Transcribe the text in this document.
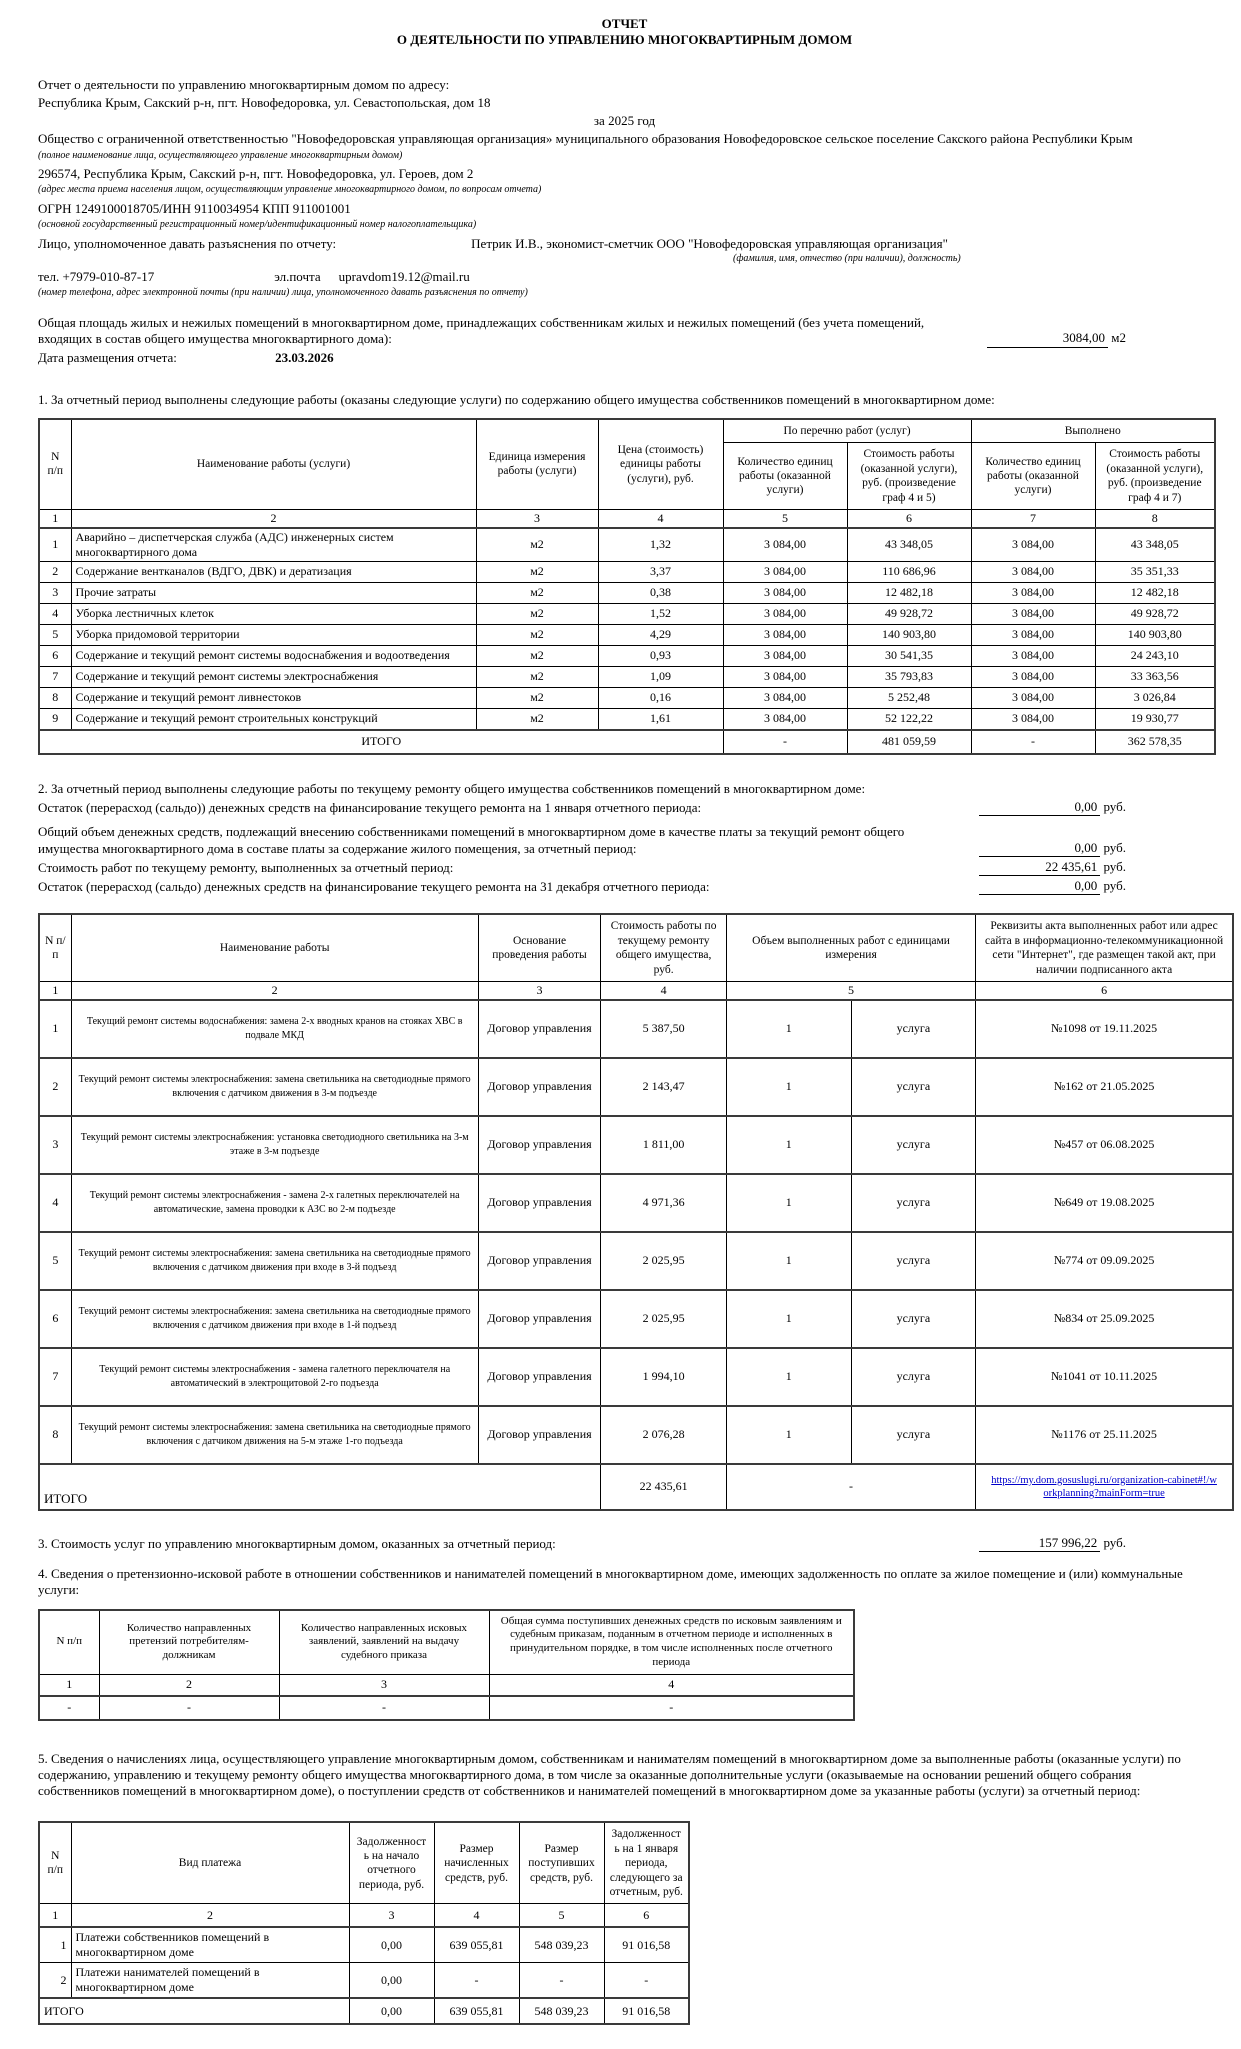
ОТЧЕТ
О ДЕЯТЕЛЬНОСТИ ПО УПРАВЛЕНИЮ МНОГОКВАРТИРНЫМ ДОМОМ
Отчет о деятельности по управлению многоквартирным домом по адресу:
Республика Крым, Сакский р-н, пгт. Новофедоровка, ул. Севастопольская, дом 18
за 2025 год
Общество с ограниченной ответственностью "Новофедоровская управляющая организация» муниципального образования Новофедоровское сельское поселение Сакского района Республики Крым
(полное наименование лица, осуществляющего управление многоквартирным домом)
296574, Республика Крым, Сакский р-н, пгт. Новофедоровка, ул. Героев, дом 2
(адрес места приема населения лицом, осуществляющим управление многоквартирного домом, по вопросам отчета)
ОГРН 1249100018705/ИНН 9110034954 КПП 911001001
(основной государственный регистрационный номер/идентификационный номер налогоплательщика)
Лицо, уполномоченное давать разъяснения по отчету:	Петрик И.В., экономист-сметчик ООО "Новофедоровская управляющая организация"
(фамилия, имя, отчество (при наличии), должность)
тел. +7979-010-87-17	эл.почта upravdom19.12@mail.ru
(номер телефона, адрес электронной почты (при наличии) лица, уполномоченного давать разъяснения по отчету)
Общая площадь жилых и нежилых помещений в многоквартирном доме, принадлежащих собственникам жилых и нежилых помещений (без учета помещений, входящих в состав общего имущества многоквартирного дома):	3084,00 м2
Дата размещения отчета:	23.03.2026
1. За отчетный период выполнены следующие работы (оказаны следующие услуги) по содержанию общего имущества собственников помещений в многоквартирном доме:
N п/п	Наименование работы (услуги)	Единица измерения работы (услуги)	Цена (стоимость) единицы работы (услуги), руб.	По перечню работ (услуг)		Выполнено	
				Количество единиц работы (оказанной услуги)	Стоимость работы (оказанной услуги), руб. (произведение граф 4 и 5)	Количество единиц работы (оказанной услуги)	Стоимость работы (оказанной услуги), руб. (произведение граф 4 и 7)
1	2	3	4	5	6	7	8
1	Аварийно – диспетчерская служба (АДС) инженерных систем многоквартирного дома	м2	1,32	3 084,00	43 348,05	3 084,00	43 348,05
2	Содержание вентканалов (ВДГО, ДВК) и дератизация	м2	3,37	3 084,00	110 686,96	3 084,00	35 351,33
3	Прочие затраты	м2	0,38	3 084,00	12 482,18	3 084,00	12 482,18
4	Уборка лестничных клеток	м2	1,52	3 084,00	49 928,72	3 084,00	49 928,72
5	Уборка придомовой территории	м2	4,29	3 084,00	140 903,80	3 084,00	140 903,80
6	Содержание и текущий ремонт системы водоснабжения и водоотведения	м2	0,93	3 084,00	30 541,35	3 084,00	24 243,10
7	Содержание и текущий ремонт системы электроснабжения	м2	1,09	3 084,00	35 793,83	3 084,00	33 363,56
8	Содержание и текущий ремонт ливнестоков	м2	0,16	3 084,00	5 252,48	3 084,00	3 026,84
9	Содержание и текущий ремонт строительных конструкций	м2	1,61	3 084,00	52 122,22	3 084,00	19 930,77
ИТОГО				-	481 059,59	-	362 578,35
2. За отчетный период выполнены следующие работы по текущему ремонту общего имущества собственников помещений в многоквартирном доме:
Остаток (перерасход (сальдо)) денежных средств на финансирование текущего ремонта на 1 января отчетного периода:	0,00 руб.
Общий объем денежных средств, подлежащий внесению собственниками помещений в многоквартирном доме в качестве платы за текущий ремонт общего имущества многоквартирного дома в составе платы за содержание жилого помещения, за отчетный период:	0,00 руб.
Стоимость работ по текущему ремонту, выполненных за отчетный период:	22 435,61 руб.
Остаток (перерасход (сальдо) денежных средств на финансирование текущего ремонта на 31 декабря отчетного периода:	0,00 руб.
N п/п	Наименование работы	Основание проведения работы	Стоимость работы по текущему ремонту общего имущества, руб.	Объем выполненных работ с единицами измерения		Реквизиты акта выполненных работ или адрес сайта в информационно-телекоммуникационной сети "Интернет", где размещен такой акт, при наличии подписанного акта
1	2	3	4	5		6
1	Текущий ремонт системы водоснабжения: замена 2-х вводных кранов на стояках ХВС в подвале МКД	Договор управления	5 387,50	1	услуга	№1098 от 19.11.2025
2	Текущий ремонт системы электроснабжения: замена светильника на светодиодные прямого включения с датчиком движения в 3-м подъезде	Договор управления	2 143,47	1	услуга	№162 от 21.05.2025
3	Текущий ремонт системы электроснабжения: установка светодиодного светильника на 3-м этаже в 3-м подъезде	Договор управления	1 811,00	1	услуга	№457 от 06.08.2025
4	Текущий ремонт системы электроснабжения - замена 2-х галетных переключателей на автоматические, замена проводки к АЗС во 2-м подъезде	Договор управления	4 971,36	1	услуга	№649 от 19.08.2025
5	Текущий ремонт системы электроснабжения: замена светильника на светодиодные прямого включения с датчиком движения при входе в 3-й подъезд	Договор управления	2 025,95	1	услуга	№774 от 09.09.2025
6	Текущий ремонт системы электроснабжения: замена светильника на светодиодные прямого включения с датчиком движения при входе в 1-й подъезд	Договор управления	2 025,95	1	услуга	№834 от 25.09.2025
7	Текущий ремонт системы электроснабжения - замена галетного переключателя на автоматический в электрощитовой 2-го подъезда	Договор управления	1 994,10	1	услуга	№1041 от 10.11.2025
8	Текущий ремонт системы электроснабжения: замена светильника на светодиодные прямого включения с датчиком движения на 5-м этаже 1-го подъезда	Договор управления	2 076,28	1	услуга	№1176 от 25.11.2025
ИТОГО			22 435,61	-		https://my.dom.gosuslugi.ru/organization-cabinet#!/workplanning?mainForm=true
3. Стоимость услуг по управлению многоквартирным домом, оказанных за отчетный период:	157 996,22 руб.
4. Сведения о претензионно-исковой работе в отношении собственников и нанимателей помещений в многоквартирном доме, имеющих задолженность по оплате за жилое помещение и (или) коммунальные услуги:
N п/п	Количество направленных претензий потребителям-должникам	Количество направленных исковых заявлений, заявлений на выдачу судебного приказа	Общая сумма поступивших денежных средств по исковым заявлениям и судебным приказам, поданным в отчетном периоде и исполненных в принудительном порядке, в том числе исполненных после отчетного периода
1	2	3	4
-	-	-	-
5. Сведения о начислениях лица, осуществляющего управление многоквартирным домом, собственникам и нанимателям помещений в многоквартирном доме за выполненные работы (оказанные услуги) по содержанию, управлению и текущему ремонту общего имущества многоквартирного дома, в том числе за оказанные дополнительные услуги (оказываемые на основании решений общего собрания собственников помещений в многоквартирном доме), о поступлении средств от собственников и нанимателей помещений в многоквартирном доме за указанные работы (услуги) за отчетный период:
N п/п	Вид платежа	Задолженность на начало отчетного периода, руб.	Размер начисленных средств, руб.	Размер поступивших средств, руб.	Задолженность на 1 января периода, следующего за отчетным, руб.
1	2	3	4	5	6
1	Платежи собственников помещений в многоквартирном доме	0,00	639 055,81	548 039,23	91 016,58
2	Платежи нанимателей помещений в многоквартирном доме	0,00	-	-	-
ИТОГО		0,00	639 055,81	548 039,23	91 016,58
